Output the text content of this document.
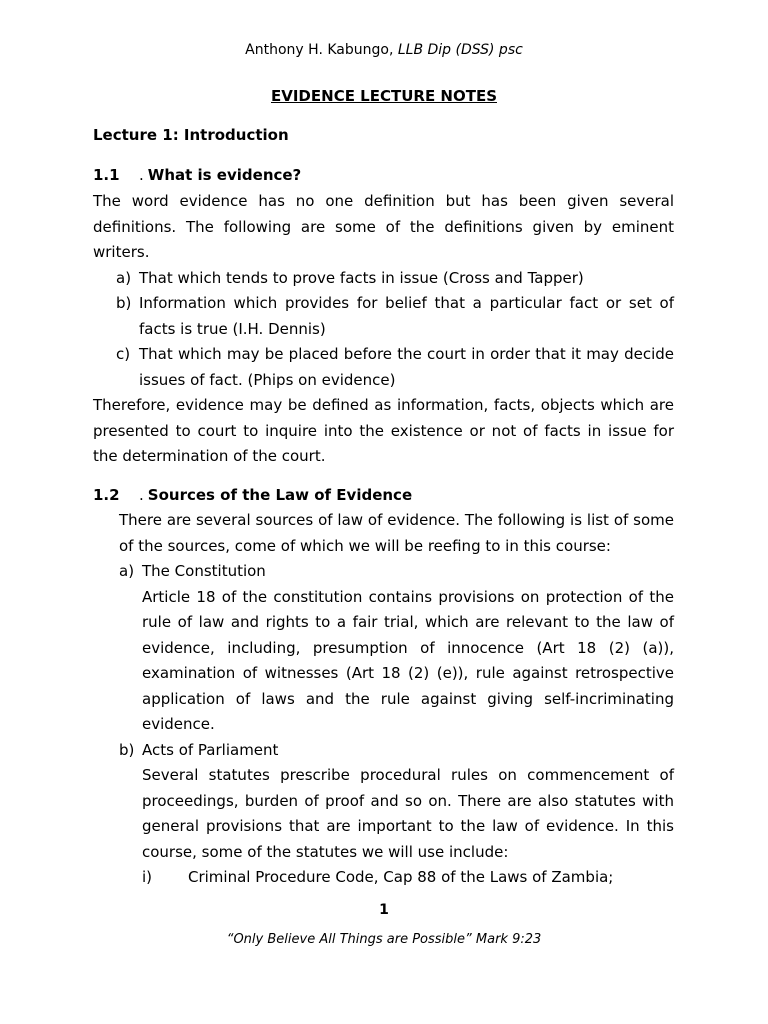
Anthony H. Kabungo, LLB Dip (DSS) psc
EVIDENCE LECTURE NOTES
Lecture 1: Introduction
1.1 . What is evidence?

The word evidence has no one definition but has been given several definitions. The following are some of the definitions given by eminent writers.

a) That which tends to prove facts in issue (Cross and Tapper)
b) Information which provides for belief that a particular fact or set of facts is true (I.H. Dennis)
c) That which may be placed before the court in order that it may decide issues of fact. (Phips on evidence)

Therefore, evidence may be defined as information, facts, objects which are presented to court to inquire into the existence or not of facts in issue for the determination of the court.

1.2 . Sources of the Law of Evidence

There are several sources of law of evidence. The following is list of some of the sources, come of which we will be reefing to in this course:

a) The Constitution
Article 18 of the constitution contains provisions on protection of the rule of law and rights to a fair trial, which are relevant to the law of evidence, including, presumption of innocence (Art 18 (2) (a)), examination of witnesses (Art 18 (2) (e)), rule against retrospective application of laws and the rule against giving self-incriminating evidence.
b) Acts of Parliament
Several statutes prescribe procedural rules on commencement of proceedings, burden of proof and so on. There are also statutes with general provisions that are important to the law of evidence. In this course, some of the statutes we will use include:
i) Criminal Procedure Code, Cap 88 of the Laws of Zambia;
1
“Only Believe All Things are Possible” Mark 9:23
